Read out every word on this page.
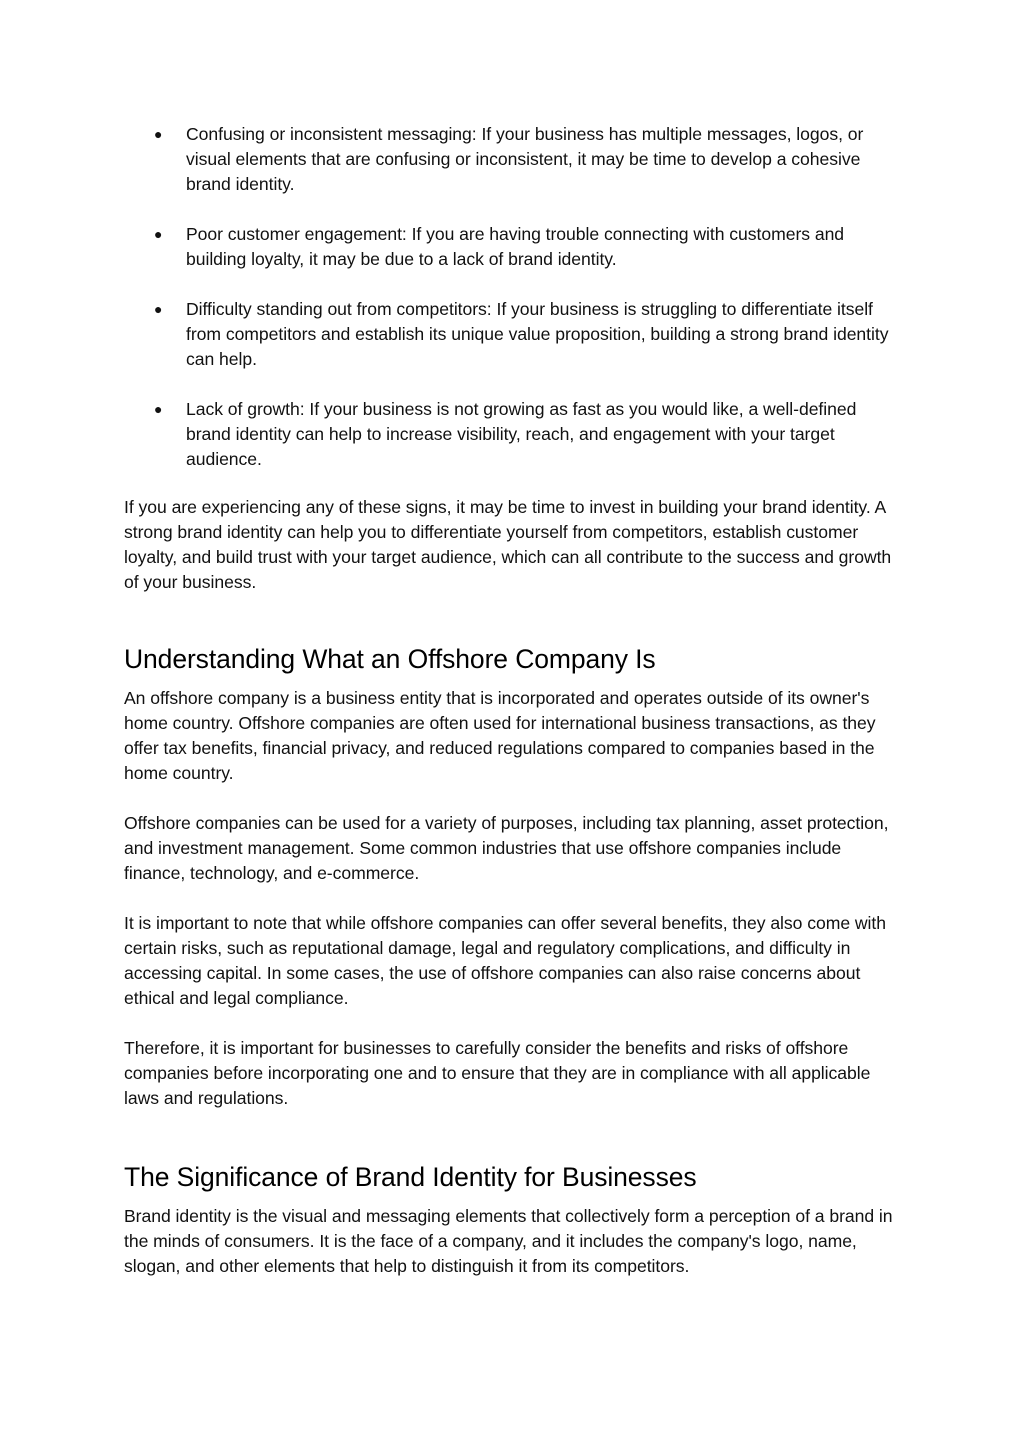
● Confusing or inconsistent messaging: If your business has multiple messages, logos, or visual elements that are confusing or inconsistent, it may be time to develop a cohesive brand identity.
● Poor customer engagement: If you are having trouble connecting with customers and building loyalty, it may be due to a lack of brand identity.
● Difficulty standing out from competitors: If your business is struggling to differentiate itself from competitors and establish its unique value proposition, building a strong brand identity can help.
● Lack of growth: If your business is not growing as fast as you would like, a well-defined brand identity can help to increase visibility, reach, and engagement with your target audience.

If you are experiencing any of these signs, it may be time to invest in building your brand identity. A strong brand identity can help you to differentiate yourself from competitors, establish customer loyalty, and build trust with your target audience, which can all contribute to the success and growth of your business.

Understanding What an Offshore Company Is

An offshore company is a business entity that is incorporated and operates outside of its owner's home country. Offshore companies are often used for international business transactions, as they offer tax benefits, financial privacy, and reduced regulations compared to companies based in the home country.

Offshore companies can be used for a variety of purposes, including tax planning, asset protection, and investment management. Some common industries that use offshore companies include finance, technology, and e-commerce.

It is important to note that while offshore companies can offer several benefits, they also come with certain risks, such as reputational damage, legal and regulatory complications, and difficulty in accessing capital. In some cases, the use of offshore companies can also raise concerns about ethical and legal compliance.

Therefore, it is important for businesses to carefully consider the benefits and risks of offshore companies before incorporating one and to ensure that they are in compliance with all applicable laws and regulations.

The Significance of Brand Identity for Businesses

Brand identity is the visual and messaging elements that collectively form a perception of a brand in the minds of consumers. It is the face of a company, and it includes the company's logo, name, slogan, and other elements that help to distinguish it from its competitors.
